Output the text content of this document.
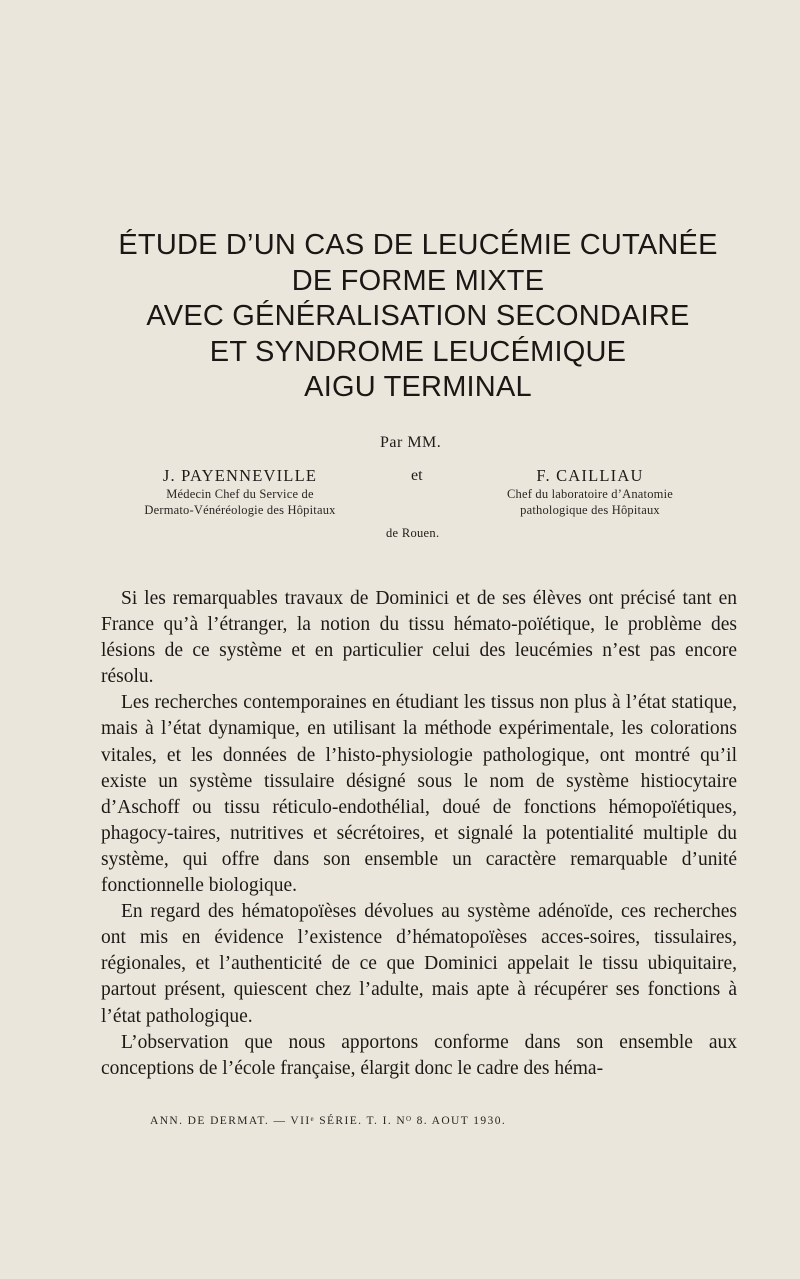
ÉTUDE D’UN CAS DE LEUCÉMIE CUTANÉE
DE FORME MIXTE
AVEC GÉNÉRALISATION SECONDAIRE
ET SYNDROME LEUCÉMIQUE
AIGU TERMINAL
Par MM.
J. PAYENNEVILLE
Médecin Chef du Service de
Dermato-Vénéréologie des Hôpitaux
et	F. CAILLIAU
Chef du laboratoire d’Anatomie
pathologique des Hôpitaux
de Rouen.

Si les remarquables travaux de Dominici et de ses élèves ont précisé tant en France qu’à l’étranger, la notion du tissu hémato-poïétique, le problème des lésions de ce système et en particulier celui des leucémies n’est pas encore résolu.

Les recherches contemporaines en étudiant les tissus non plus à l’état statique, mais à l’état dynamique, en utilisant la méthode expérimentale, les colorations vitales, et les données de l’histo-physiologie pathologique, ont montré qu’il existe un système tissulaire désigné sous le nom de système histiocytaire d’Aschoff ou tissu réticulo-endothélial, doué de fonctions hémopoïétiques, phagocy-taires, nutritives et sécrétoires, et signalé la potentialité multiple du système, qui offre dans son ensemble un caractère remarquable d’unité fonctionnelle biologique.

En regard des hématopoïèses dévolues au système adénoïde, ces recherches ont mis en évidence l’existence d’hématopoïèses acces-soires, tissulaires, régionales, et l’authenticité de ce que Dominici appelait le tissu ubiquitaire, partout présent, quiescent chez l’adulte, mais apte à récupérer ses fonctions à l’état pathologique.

L’observation que nous apportons conforme dans son ensemble aux conceptions de l’école française, élargit donc le cadre des héma-

ANN. DE DERMAT. — VIIᵉ SÉRIE. T. I. Nᴼ 8. AOUT 1930.
